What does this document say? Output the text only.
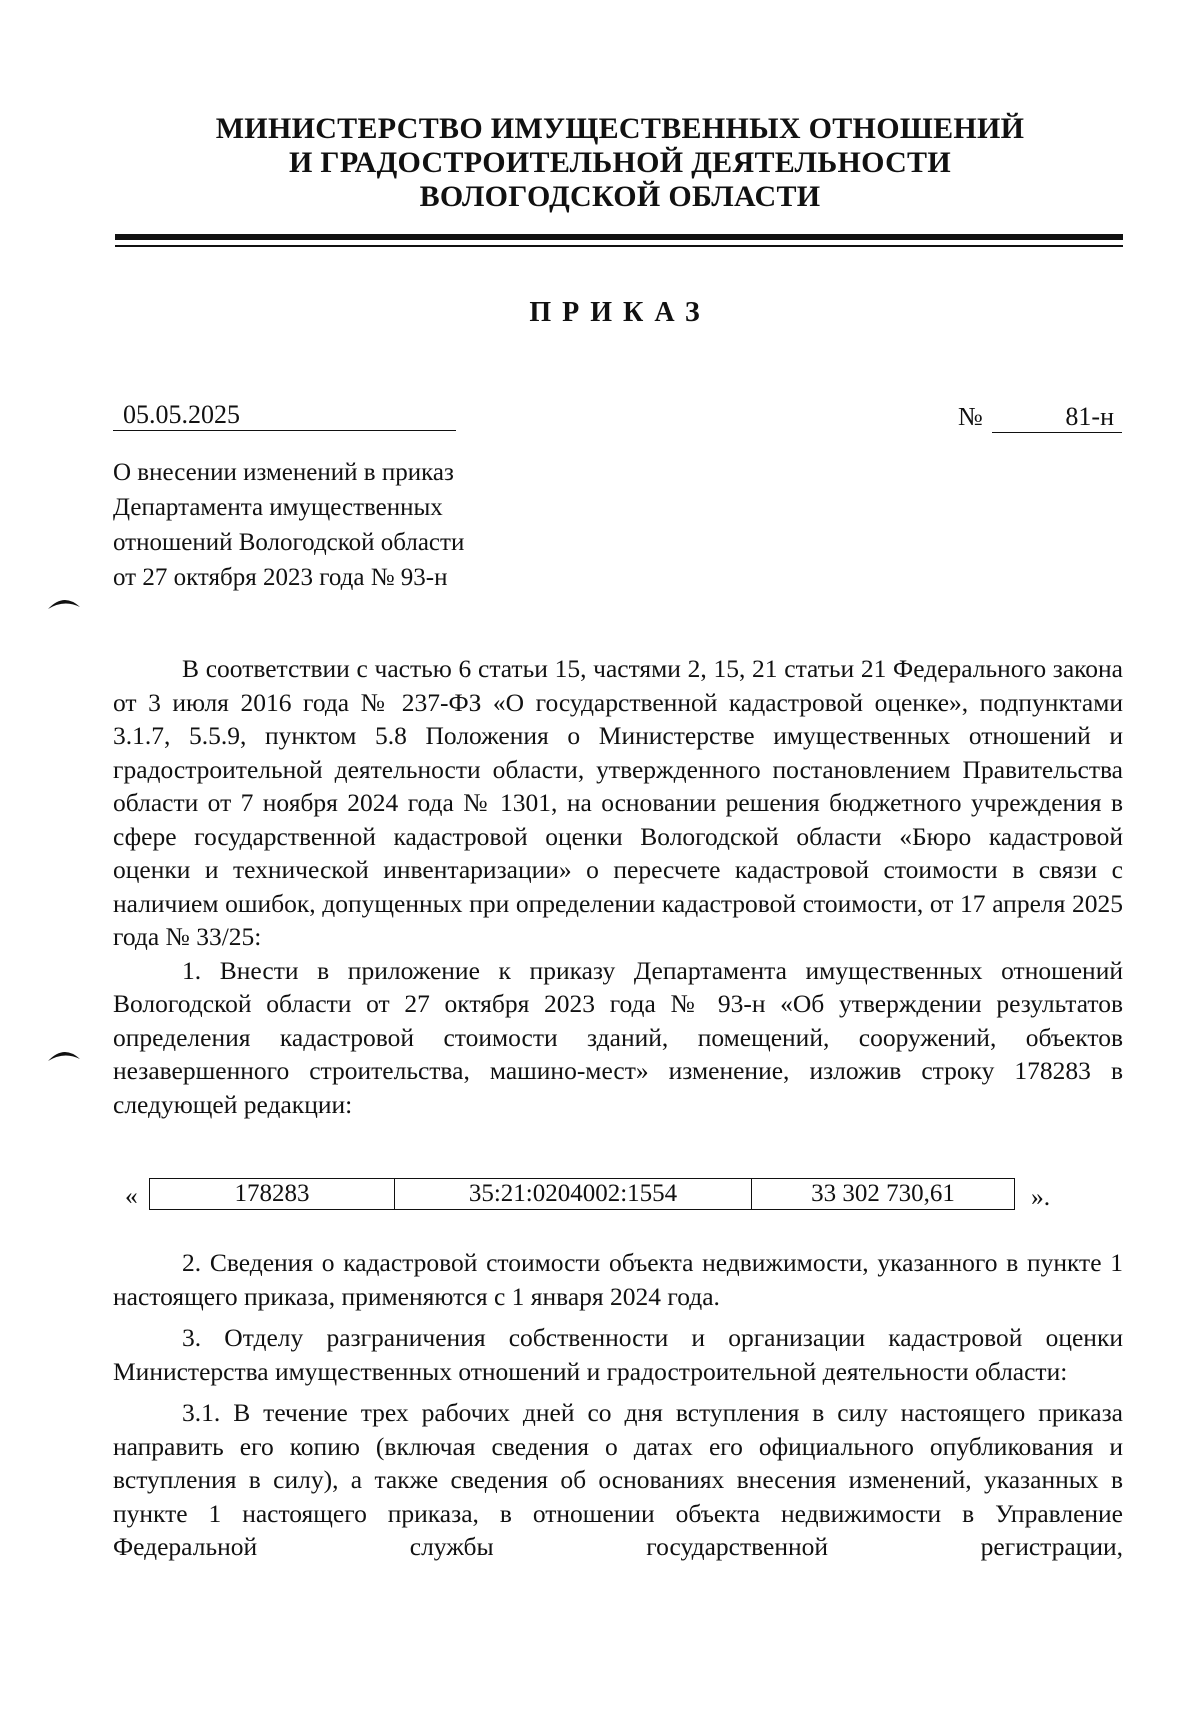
МИНИСТЕРСТВО ИМУЩЕСТВЕННЫХ ОТНОШЕНИЙ
И ГРАДОСТРОИТЕЛЬНОЙ ДЕЯТЕЛЬНОСТИ
ВОЛОГОДСКОЙ ОБЛАСТИ
ПРИКАЗ
05.05.2025	№	81-н
О внесении изменений в приказ
Департамента имущественных
отношений Вологодской области
от 27 октября 2023 года № 93-н

В соответствии с частью 6 статьи 15, частями 2, 15, 21 статьи 21 Федерального закона от 3 июля 2016 года № 237-ФЗ «О государственной кадастровой оценке», подпунктами 3.1.7, 5.5.9, пунктом 5.8 Положения о Министерстве имущественных отношений и градостроительной деятельности области, утвержденного постановлением Правительства области от 7 ноября 2024 года № 1301, на основании решения бюджетного учреждения в сфере государственной кадастровой оценки Вологодской области «Бюро кадастровой оценки и технической инвентаризации» о пересчете кадастровой стоимости в связи с наличием ошибок, допущенных при определении кадастровой стоимости, от 17 апреля 2025 года № 33/25:

1. Внести в приложение к приказу Департамента имущественных отношений Вологодской области от 27 октября 2023 года № 93-н «Об утверждении результатов определения кадастровой стоимости зданий, помещений, сооружений, объектов незавершенного строительства, машино-мест» изменение, изложив строку 178283 в следующей редакции:

«	178283	35:21:0204002:1554	33 302 730,61	».

2. Сведения о кадастровой стоимости объекта недвижимости, указанного в пункте 1 настоящего приказа, применяются с 1 января 2024 года.

3. Отделу разграничения собственности и организации кадастровой оценки Министерства имущественных отношений и градостроительной деятельности области:

3.1. В течение трех рабочих дней со дня вступления в силу настоящего приказа направить его копию (включая сведения о датах его официального опубликования и вступления в силу), а также сведения об основаниях внесения изменений, указанных в пункте 1 настоящего приказа, в отношении объекта недвижимости в Управление Федеральной службы государственной регистрации,
